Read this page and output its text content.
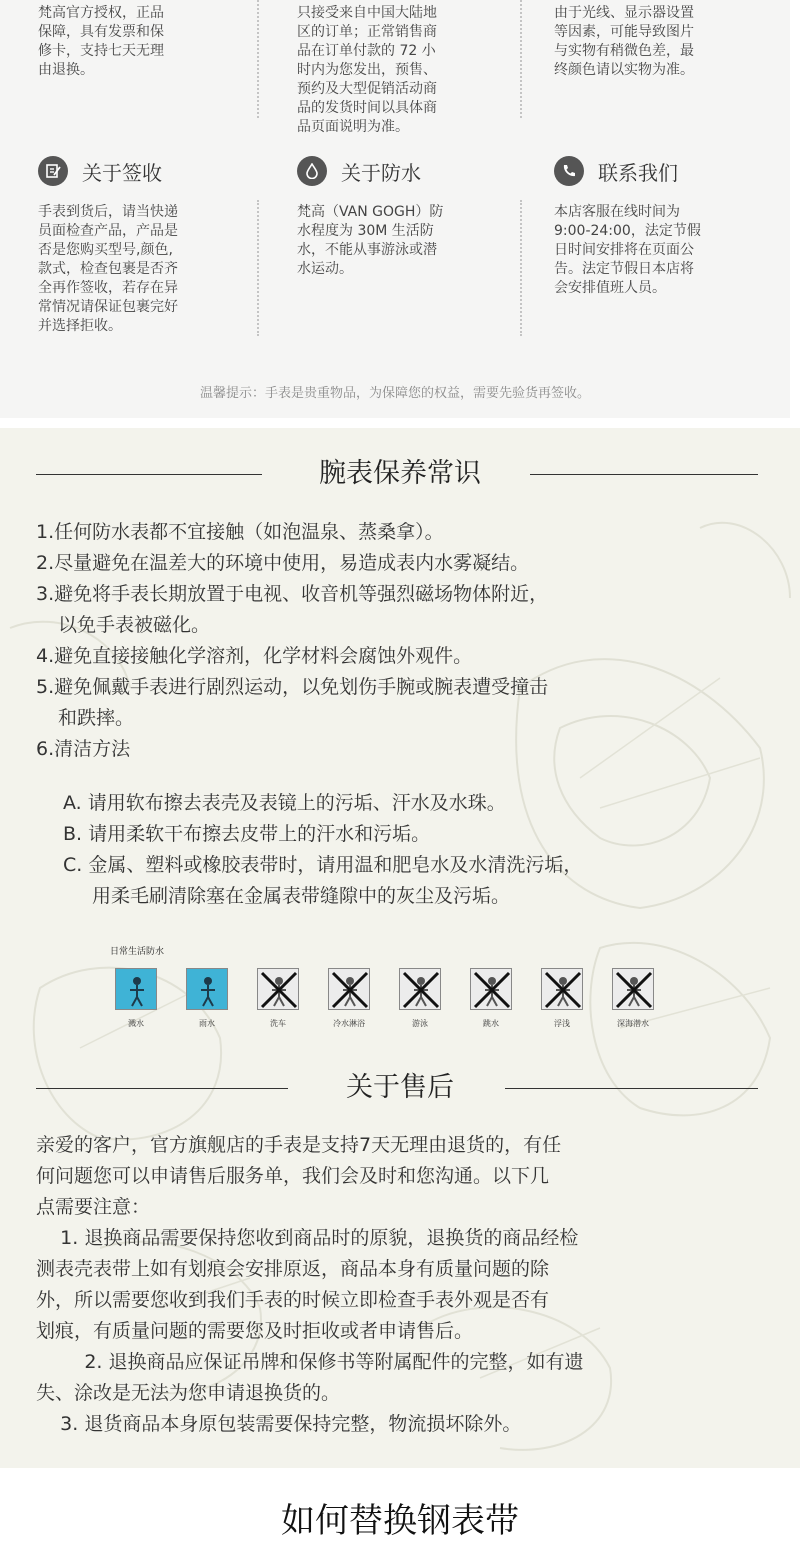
梵高官方授权，正品
保障，具有发票和保
修卡，支持七天无理
由退换。
只接受来自中国大陆地
区的订单；正常销售商
品在订单付款的 72 小
时内为您发出，预售、
预约及大型促销活动商
品的发货时间以具体商
品页面说明为准。
由于光线、显示器设置
等因素，可能导致图片
与实物有稍微色差，最
终颜色请以实物为准。
关于签收
手表到货后，请当快递
员面检查产品，产品是
否是您购买型号,颜色,
款式，检查包裹是否齐
全再作签收，若存在异
常情况请保证包裹完好
并选择拒收。
关于防水
梵高（VAN GOGH）防
水程度为 30M 生活防
水，不能从事游泳或潜
水运动。
联系我们
本店客服在线时间为
9:00-24:00，法定节假
日时间安排将在页面公
告。法定节假日本店将
会安排值班人员。
温馨提示：手表是贵重物品，为保障您的权益，需要先验货再签收。
腕表保养常识

1.任何防水表都不宜接触（如泡温泉、蒸桑拿）。

2.尽量避免在温差大的环境中使用，易造成表内水雾凝结。

3.避免将手表长期放置于电视、收音机等强烈磁场物体附近，

以免手表被磁化。

4.避免直接接触化学溶剂，化学材料会腐蚀外观件。

5.避免佩戴手表进行剧烈运动，以免划伤手腕或腕表遭受撞击

和跌摔。

6.清洁方法

A. 请用软布擦去表壳及表镜上的污垢、汗水及水珠。

B. 请用柔软干布擦去皮带上的汗水和污垢。

C. 金属、塑料或橡胶表带时，请用温和肥皂水及水清洗污垢，

用柔毛刷清除塞在金属表带缝隙中的灰尘及污垢。

日常生活防水
溅水	雨水	洗车	冷水淋浴	游泳	跳水	浮浅	深海潜水
关于售后

亲爱的客户，官方旗舰店的手表是支持7天无理由退货的，有任

何问题您可以申请售后服务单，我们会及时和您沟通。以下几

点需要注意：

1. 退换商品需要保持您收到商品时的原貌，退换货的商品经检

测表壳表带上如有划痕会安排原返，商品本身有质量问题的除

外，所以需要您收到我们手表的时候立即检查手表外观是否有

划痕，有质量问题的需要您及时拒收或者申请售后。

2. 退换商品应保证吊牌和保修书等附属配件的完整，如有遗

失、涂改是无法为您申请退换货的。

3. 退货商品本身原包装需要保持完整，物流损坏除外。

如何替换钢表带
